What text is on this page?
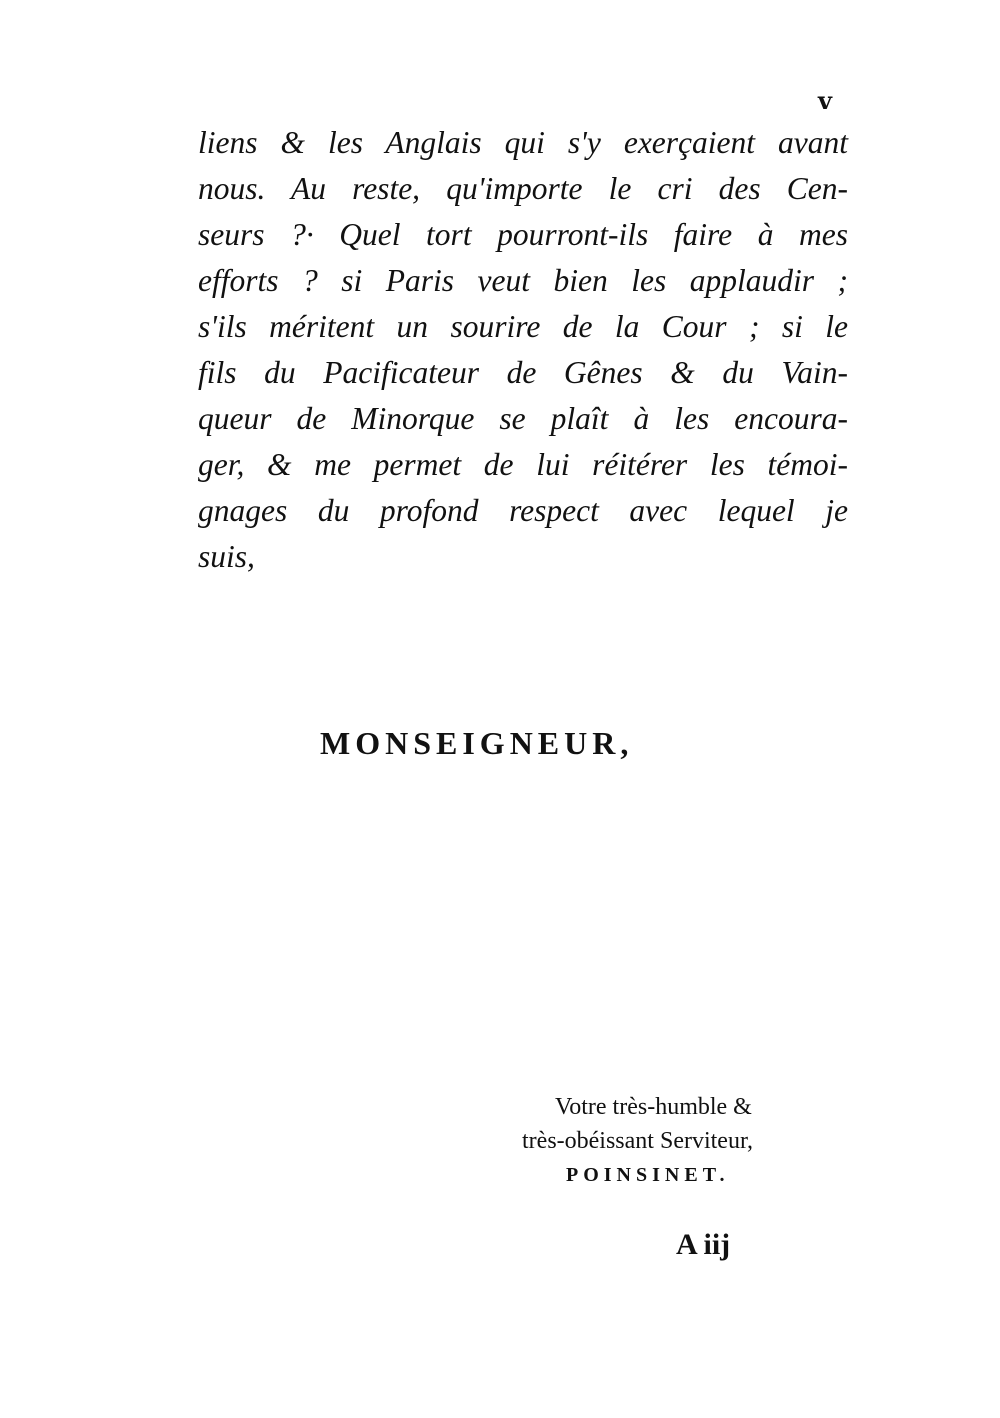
v
liens & les Anglais qui s'y exerçaient avant
nous. Au reste, qu'importe le cri des Cen-
seurs ?· Quel tort pourront-ils faire à mes
efforts ? si Paris veut bien les applaudir ;
s'ils méritent un sourire de la Cour ; si le
fils du Pacificateur de Gênes & du Vain-
queur de Minorque se plaît à les encoura-
ger, & me permet de lui réitérer les témoi-
gnages du profond respect avec lequel je
suis,
MONSEIGNEUR,
Votre très-humble &
très-obéissant Serviteur,
POINSINET.
A iij
